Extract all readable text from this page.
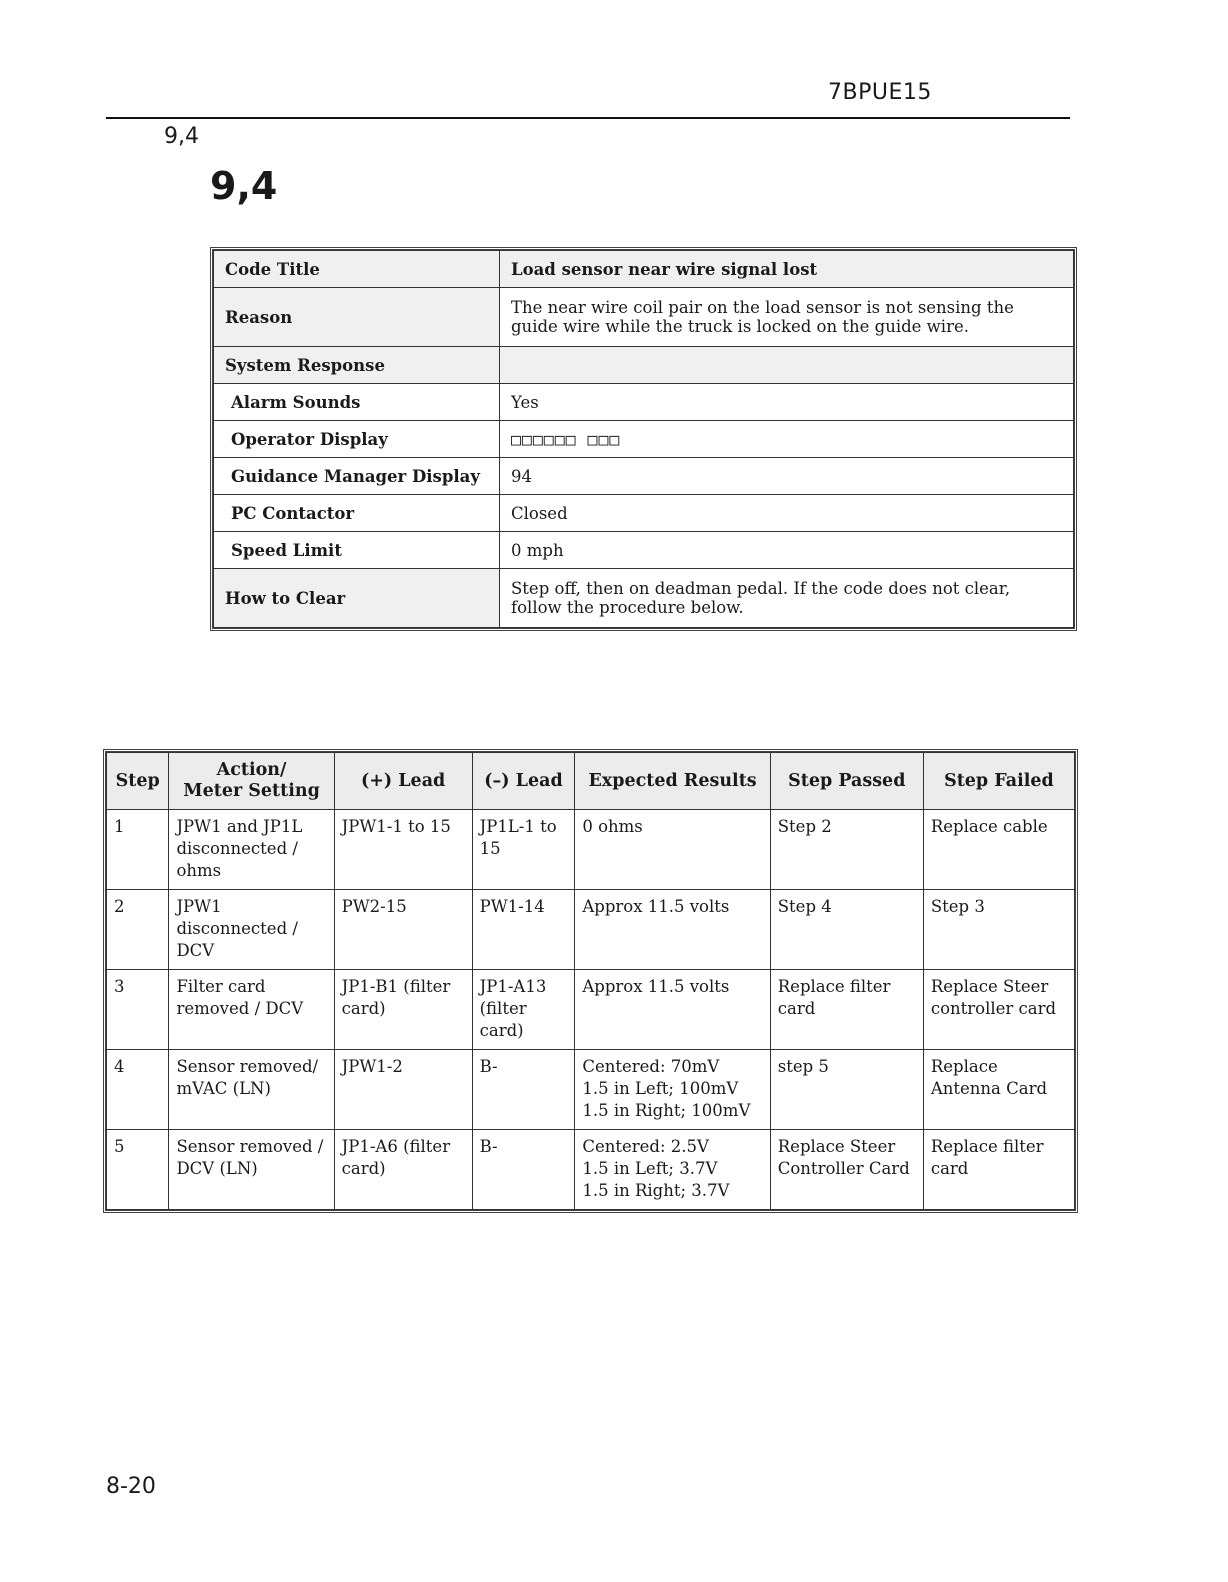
7BPUE15
9,4
9,4
Code Title	Load sensor near wire signal lost
Reason	The near wire coil pair on the load sensor is not sensing the guide wire while the truck is locked on the guide wire.
System Response	
Alarm Sounds	Yes
Operator Display	□□□□□□ □□□
Guidance Manager Display	94
PC Contactor	Closed
Speed Limit	0 mph
How to Clear	Step off, then on deadman pedal. If the code does not clear, follow the procedure below.
Step	Action/
Meter Setting	(+) Lead	(–) Lead	Expected Results	Step Passed	Step Failed
1	JPW1 and JP1L disconnected / ohms	JPW1-1 to 15	JP1L-1 to 15	0 ohms	Step 2	Replace cable
2	JPW1 disconnected / DCV	PW2-15	PW1-14	Approx 11.5 volts	Step 4	Step 3
3	Filter card removed / DCV	JP1-B1 (filter card)	JP1-A13 (filter card)	Approx 11.5 volts	Replace filter card	Replace Steer controller card
4	Sensor removed/ mVAC (LN)	JPW1-2	B-	Centered: 70mV
1.5 in Left; 100mV
1.5 in Right; 100mV	step 5	Replace Antenna Card
5	Sensor removed / DCV (LN)	JP1-A6 (filter card)	B-	Centered: 2.5V
1.5 in Left; 3.7V
1.5 in Right; 3.7V	Replace Steer Controller Card	Replace filter card
8-20
